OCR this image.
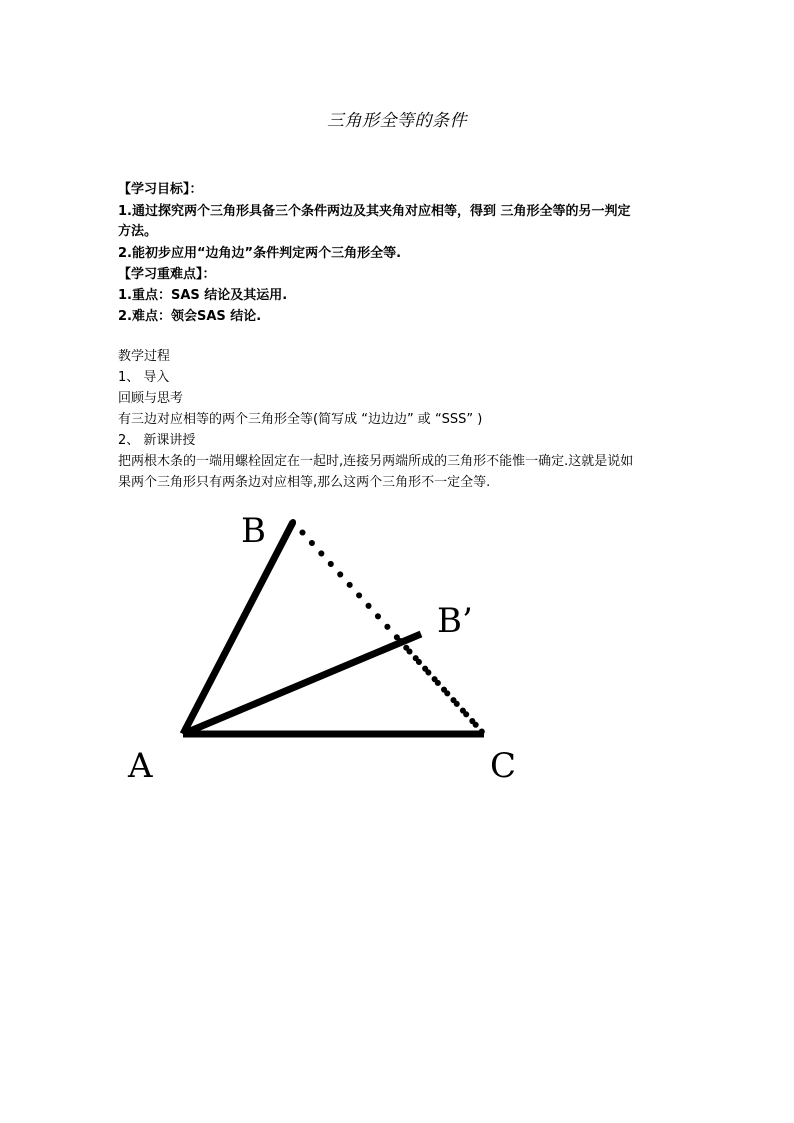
三角形全等的条件
【学习目标】：
1.通过探究两个三角形具备三个条件两边及其夹角对应相等，得到 三角形全等的另一判定
方法。
2.能初步应用“边角边”条件判定两个三角形全等.
【学习重难点】：
1.重点：SAS 结论及其运用.
2.难点：领会SAS 结论.
教学过程
1、 导入
回顾与思考
有三边对应相等的两个三角形全等(简写成 “边边边” 或 “SSS” )
2、 新课讲授
把两根木条的一端用螺栓固定在一起时,连接另两端所成的三角形不能惟一确定.这就是说如
果两个三角形只有两条边对应相等,那么这两个三角形不一定全等.
A
B
B’
C
